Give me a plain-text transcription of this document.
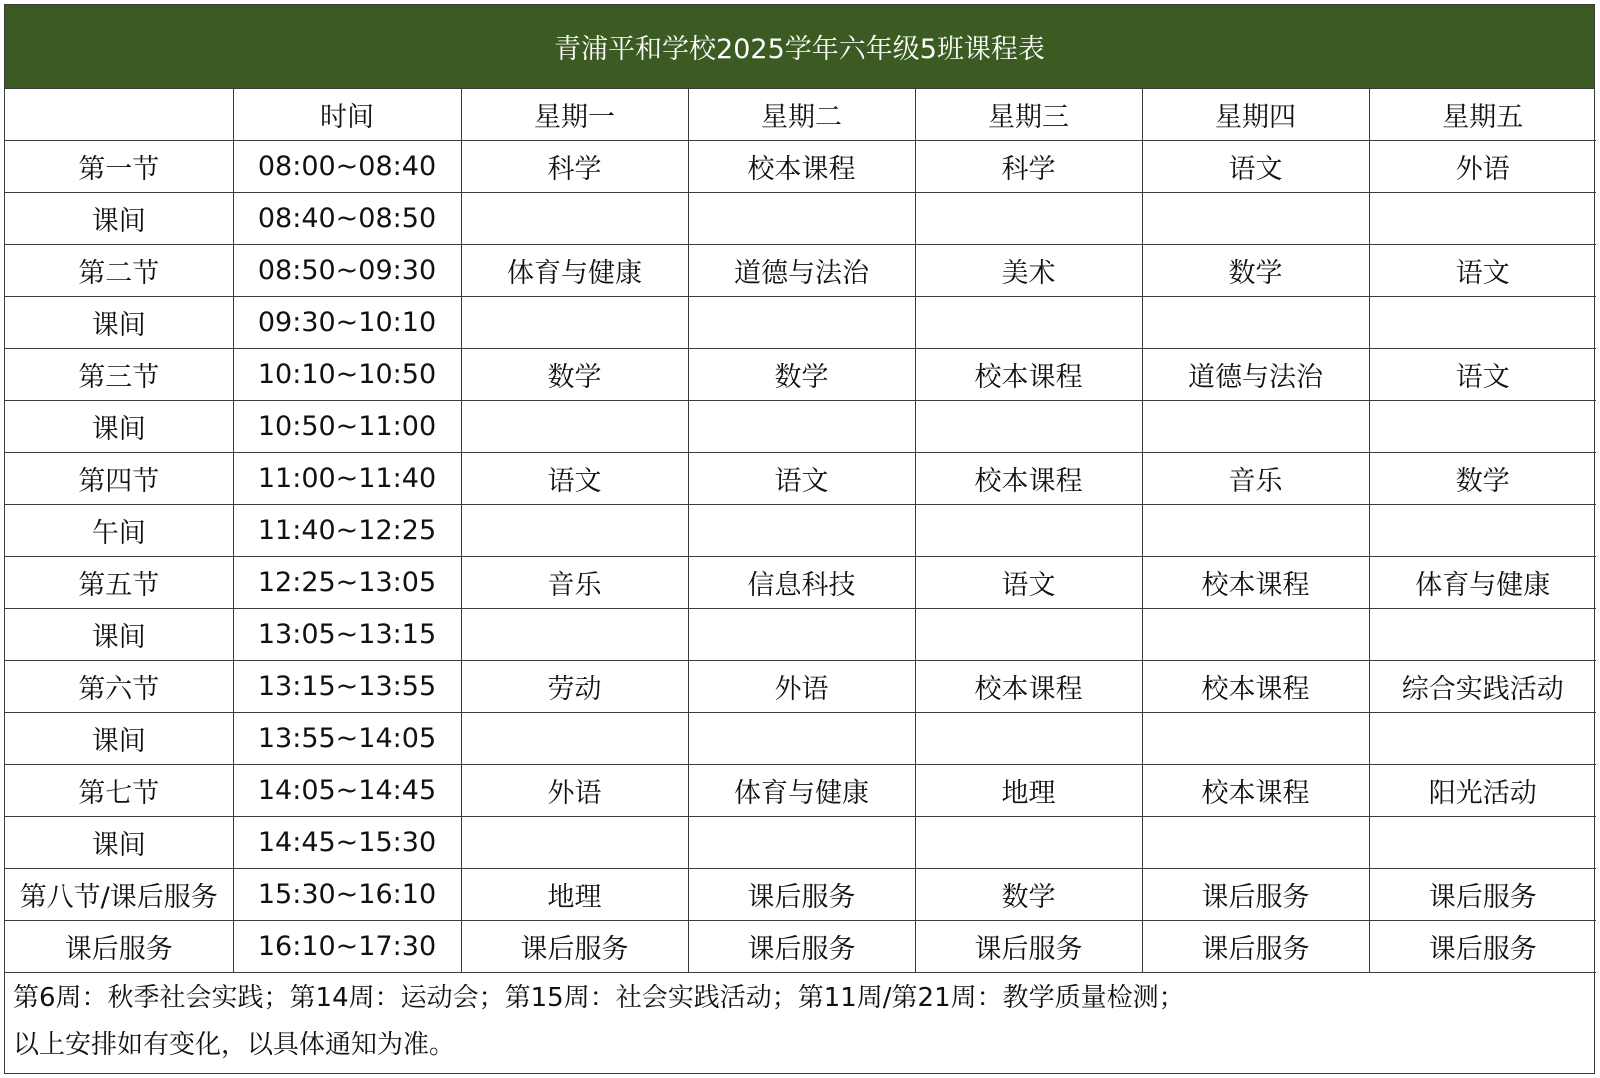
青浦平和学校2025学年六年级5班课程表
	时间	星期一	星期二	星期三	星期四	星期五
第一节	08:00~08:40	科学	校本课程	科学	语文	外语
课间	08:40~08:50					
第二节	08:50~09:30	体育与健康	道德与法治	美术	数学	语文
课间	09:30~10:10					
第三节	10:10~10:50	数学	数学	校本课程	道德与法治	语文
课间	10:50~11:00					
第四节	11:00~11:40	语文	语文	校本课程	音乐	数学
午间	11:40~12:25					
第五节	12:25~13:05	音乐	信息科技	语文	校本课程	体育与健康
课间	13:05~13:15					
第六节	13:15~13:55	劳动	外语	校本课程	校本课程	综合实践活动
课间	13:55~14:05					
第七节	14:05~14:45	外语	体育与健康	地理	校本课程	阳光活动
课间	14:45~15:30					
第八节/课后服务	15:30~16:10	地理	课后服务	数学	课后服务	课后服务
课后服务	16:10~17:30	课后服务	课后服务	课后服务	课后服务	课后服务
第6周：秋季社会实践；第14周：运动会；第15周：社会实践活动；第11周/第21周：教学质量检测；
以上安排如有变化，以具体通知为准。
